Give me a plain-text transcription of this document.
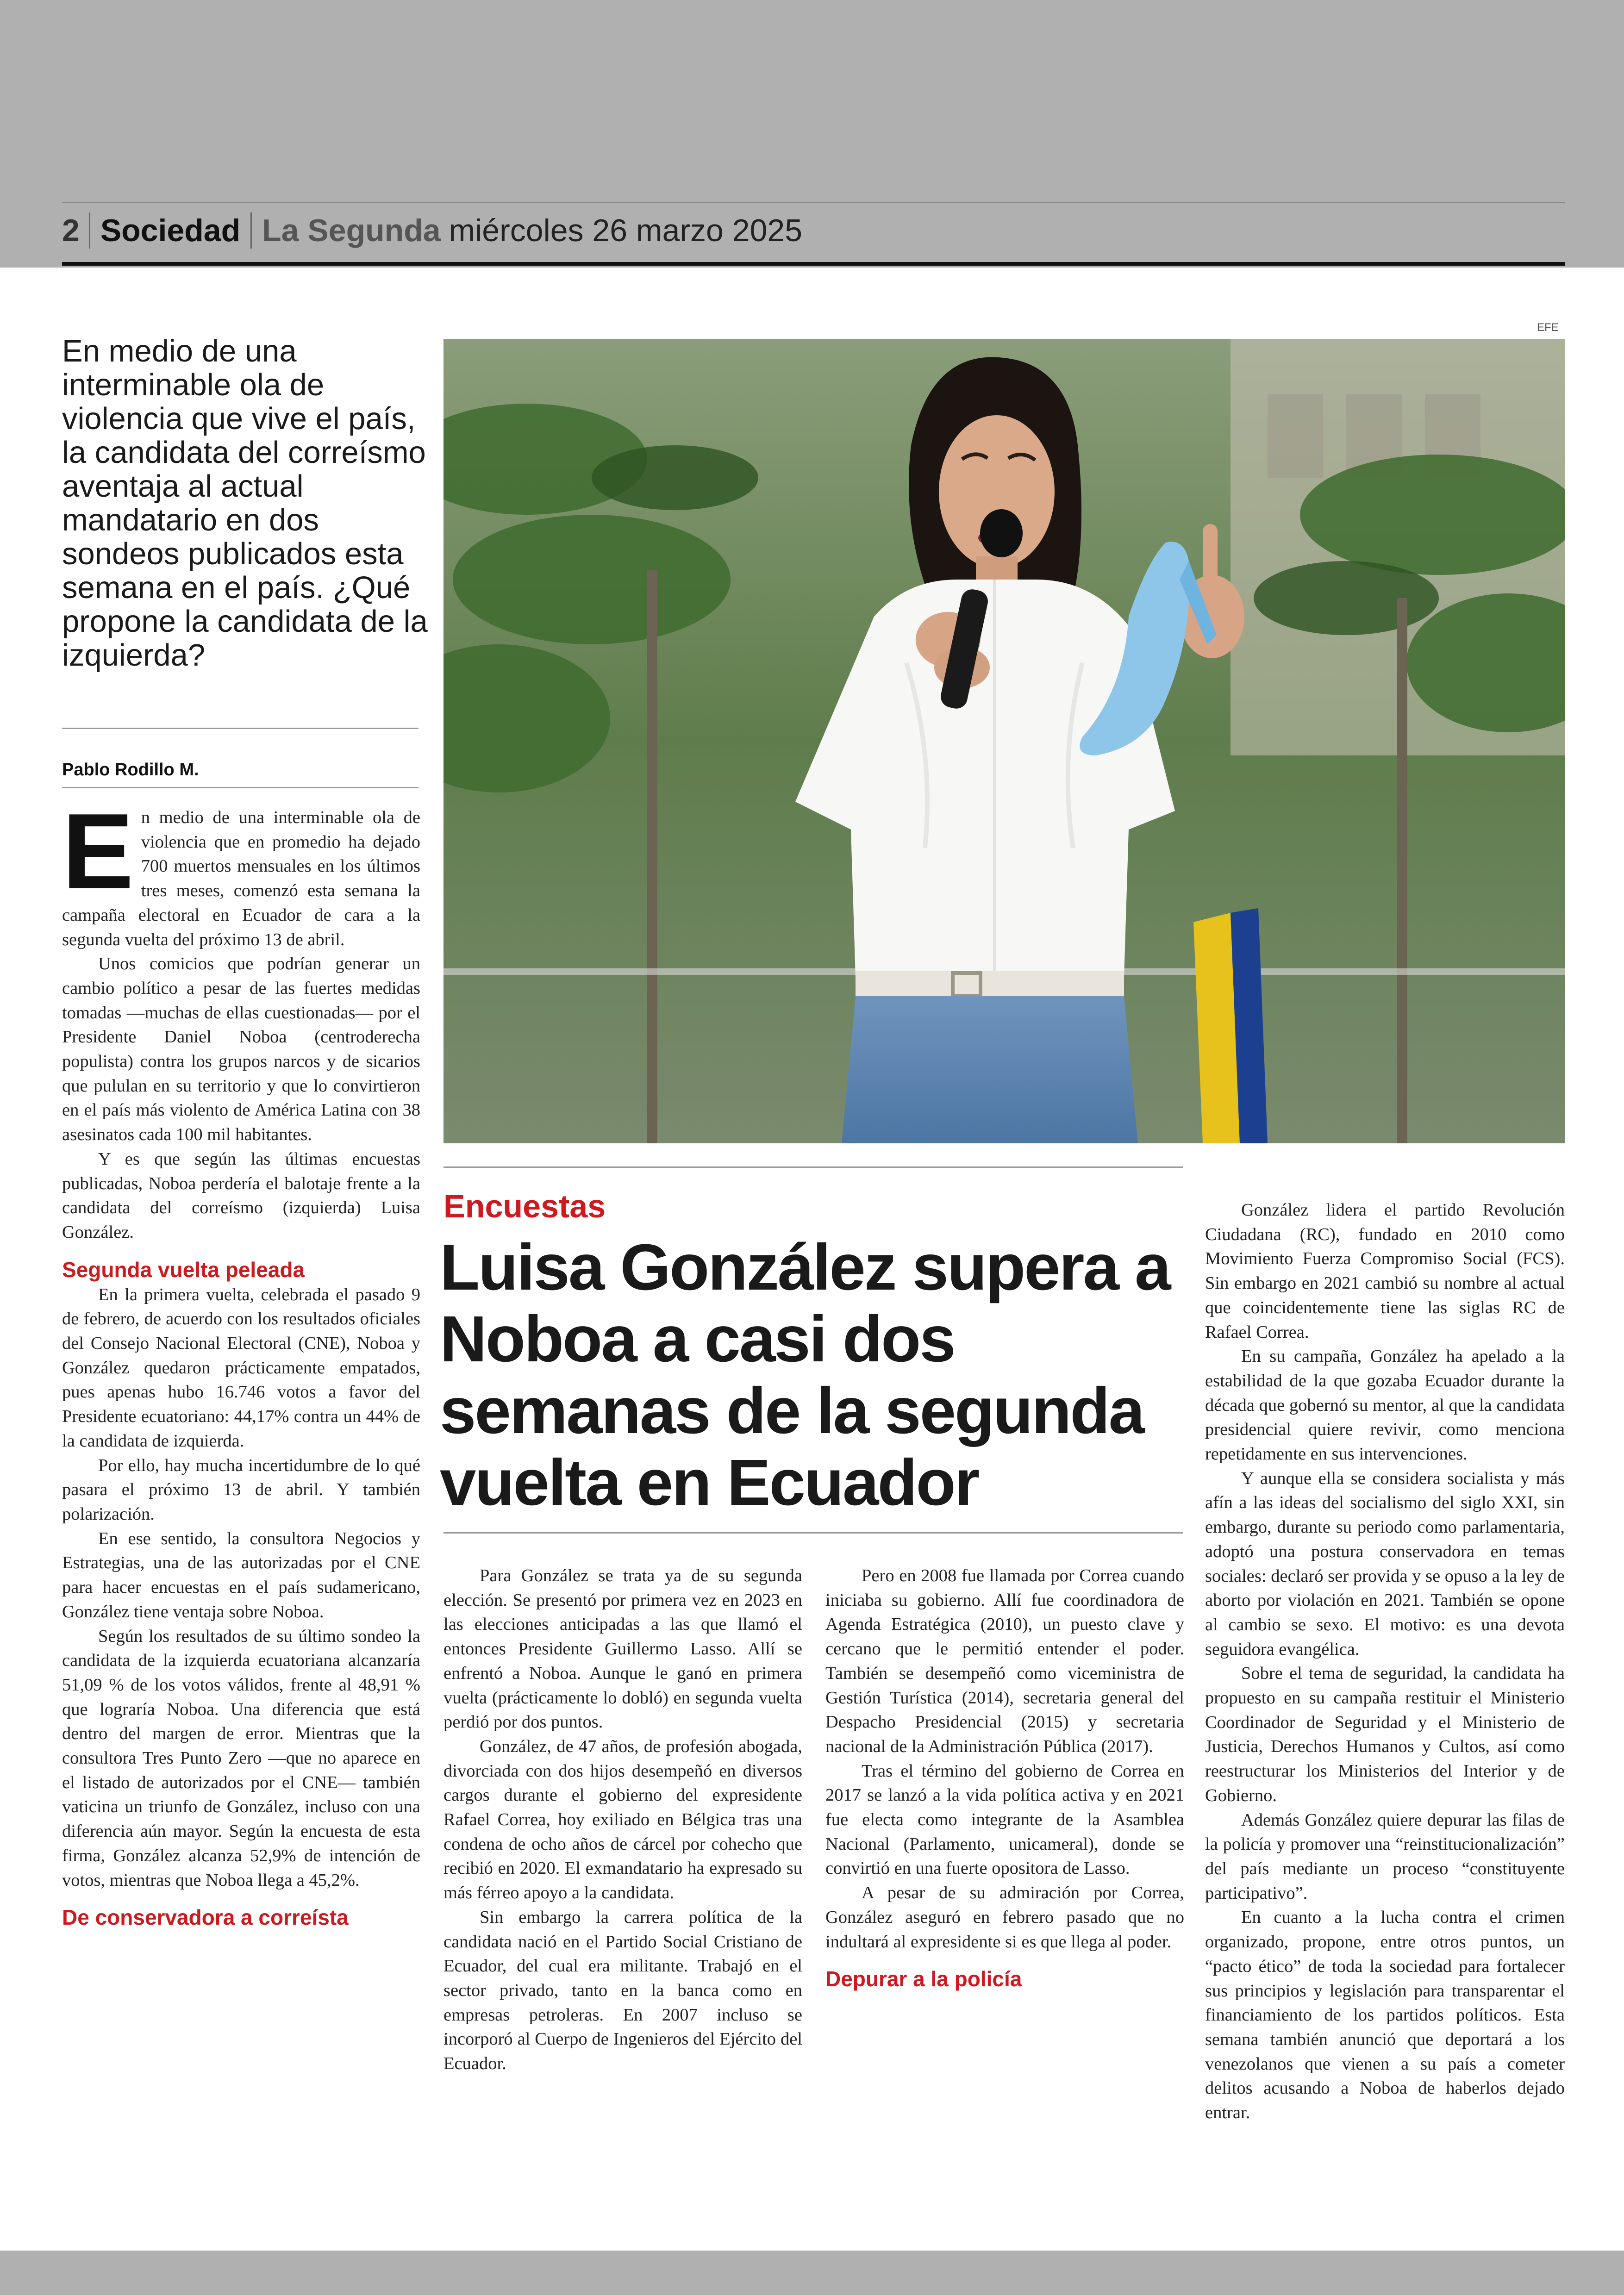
2 Sociedad La Segunda miércoles 26 marzo 2025

En medio de una interminable ola de violencia que vive el país, la candidata del correísmo aventaja al actual mandatario en dos sondeos publicados esta semana en el país. ¿Qué propone la candidata de la izquierda?

Pablo Rodillo M.
EFE
Encuestas
Luisa González supera a Noboa a casi dos semanas de la segunda vuelta en Ecuador
E n medio de una interminable ola de violencia que en promedio ha dejado 700 muertos mensuales en los últimos tres meses, comenzó esta semana la campaña electoral en Ecuador de cara a la segunda vuelta del próximo 13 de abril.

Unos comicios que podrían generar un cambio político a pesar de las fuertes medidas tomadas —muchas de ellas cuestionadas— por el Presidente Daniel Noboa (centroderecha populista) contra los grupos narcos y de sicarios que pululan en su territorio y que lo convirtieron en el país más violento de América Latina con 38 asesinatos cada 100 mil habitantes.

Y es que según las últimas encuestas publicadas, Noboa perdería el balotaje frente a la candidata del correísmo (izquierda) Luisa González.

Segunda vuelta peleada

En la primera vuelta, celebrada el pasado 9 de febrero, de acuerdo con los resultados oficiales del Consejo Nacional Electoral (CNE), Noboa y González quedaron prácticamente empatados, pues apenas hubo 16.746 votos a favor del Presidente ecuatoriano: 44,17% contra un 44% de la candidata de izquierda.

Por ello, hay mucha incertidumbre de lo qué pasara el próximo 13 de abril. Y también polarización.

En ese sentido, la consultora Negocios y Estrategias, una de las autorizadas por el CNE para hacer encuestas en el país sudamericano, González tiene ventaja sobre Noboa.

Según los resultados de su último sondeo la candidata de la izquierda ecuatoriana alcanzaría 51,09 % de los votos válidos, frente al 48,91 % que lograría Noboa. Una diferencia que está dentro del margen de error. Mientras que la consultora Tres Punto Zero —que no aparece en el listado de autorizados por el CNE— también vaticina un triunfo de González, incluso con una diferencia aún mayor. Según la encuesta de esta firma, González alcanza 52,9% de intención de votos, mientras que Noboa llega a 45,2%.

De conservadora a correísta

Para González se trata ya de su segunda elección. Se presentó por primera vez en 2023 en las elecciones anticipadas a las que llamó el entonces Presidente Guillermo Lasso. Allí se enfrentó a Noboa. Aunque le ganó en primera vuelta (prácticamente lo dobló) en segunda vuelta perdió por dos puntos.

González, de 47 años, de profesión abogada, divorciada con dos hijos desempeñó en diversos cargos durante el gobierno del expresidente Rafael Correa, hoy exiliado en Bélgica tras una condena de ocho años de cárcel por cohecho que recibió en 2020. El exmandatario ha expresado su más férreo apoyo a la candidata.

Sin embargo la carrera política de la candidata nació en el Partido Social Cristiano de Ecuador, del cual era militante. Trabajó en el sector privado, tanto en la banca como en empresas petroleras. En 2007 incluso se incorporó al Cuerpo de Ingenieros del Ejército del Ecuador.

Pero en 2008 fue llamada por Correa cuando iniciaba su gobierno. Allí fue coordinadora de Agenda Estratégica (2010), un puesto clave y cercano que le permitió entender el poder. También se desempeñó como viceministra de Gestión Turística (2014), secretaria general del Despacho Presidencial (2015) y secretaria nacional de la Administración Pública (2017).

Tras el término del gobierno de Correa en 2017 se lanzó a la vida política activa y en 2021 fue electa como integrante de la Asamblea Nacional (Parlamento, unicameral), donde se convirtió en una fuerte opositora de Lasso.

A pesar de su admiración por Correa, González aseguró en febrero pasado que no indultará al expresidente si es que llega al poder.

Depurar a la policía

González lidera el partido Revolución Ciudadana (RC), fundado en 2010 como Movimiento Fuerza Compromiso Social (FCS). Sin embargo en 2021 cambió su nombre al actual que coincidentemente tiene las siglas RC de Rafael Correa.

En su campaña, González ha apelado a la estabilidad de la que gozaba Ecuador durante la década que gobernó su mentor, al que la candidata presidencial quiere revivir, como menciona repetidamente en sus intervenciones.

Y aunque ella se considera socialista y más afín a las ideas del socialismo del siglo XXI, sin embargo, durante su periodo como parlamentaria, adoptó una postura conservadora en temas sociales: declaró ser provida y se opuso a la ley de aborto por violación en 2021. También se opone al cambio se sexo. El motivo: es una devota seguidora evangélica.

Sobre el tema de seguridad, la candidata ha propuesto en su campaña restituir el Ministerio Coordinador de Seguridad y el Ministerio de Justicia, Derechos Humanos y Cultos, así como reestructurar los Ministerios del Interior y de Gobierno.

Además González quiere depurar las filas de la policía y promover una “reinstitucionalización” del país mediante un proceso “constituyente participativo”.

En cuanto a la lucha contra el crimen organizado, propone, entre otros puntos, un “pacto ético” de toda la sociedad para fortalecer sus principios y legislación para transparentar el financiamiento de los partidos políticos. Esta semana también anunció que deportará a los venezolanos que vienen a su país a cometer delitos acusando a Noboa de haberlos dejado entrar.
